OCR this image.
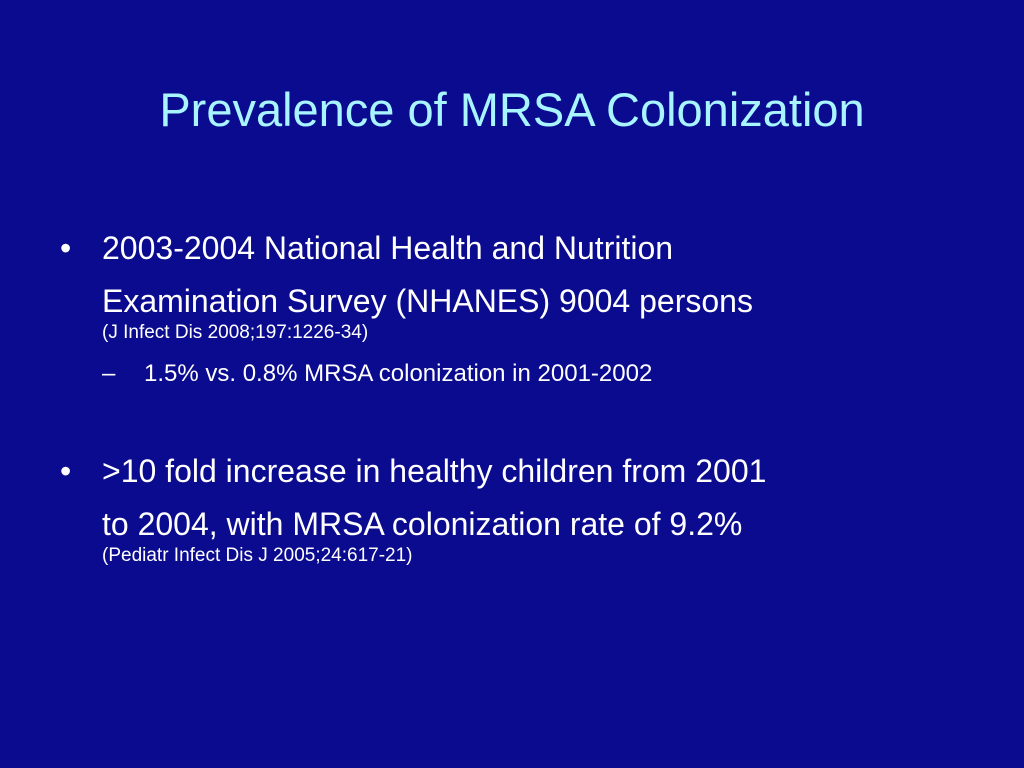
Prevalence of MRSA Colonization
• 2003-2004 National Health and Nutrition
Examination Survey (NHANES) 9004 persons
(J Infect Dis 2008;197:1226-34)
– 1.5% vs. 0.8% MRSA colonization in 2001-2002
• >10 fold increase in healthy children from 2001
to 2004, with MRSA colonization rate of 9.2%
(Pediatr Infect Dis J 2005;24:617-21)
